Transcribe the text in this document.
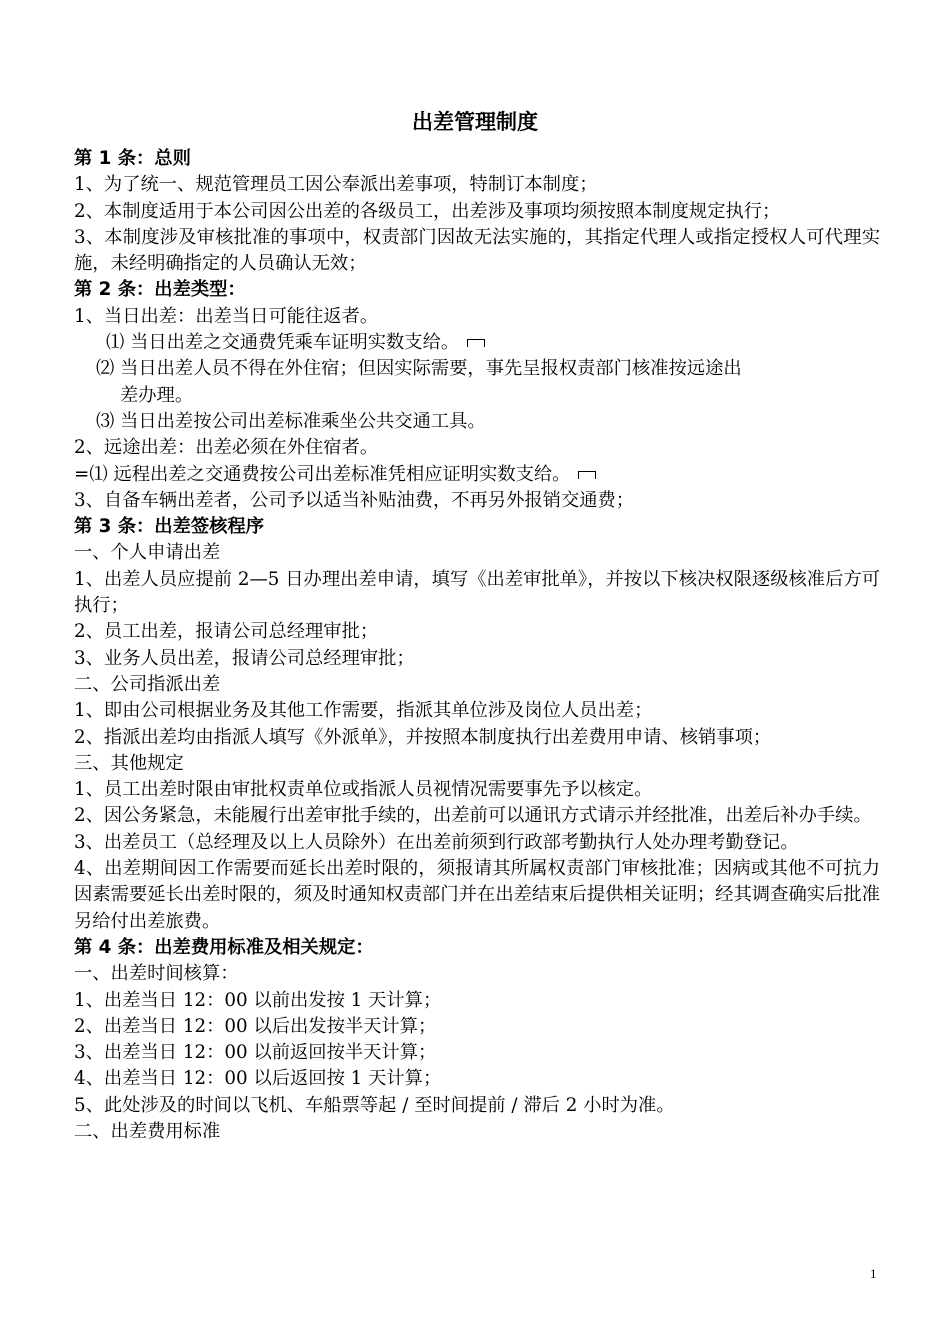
出差管理制度
第 1 条：总则
1、为了统一、规范管理员工因公奉派出差事项，特制订本制度；
2、本制度适用于本公司因公出差的各级员工，出差涉及事项均须按照本制度规定执行；
3、本制度涉及审核批准的事项中，权责部门因故无法实施的，其指定代理人或指定授权人可代理实施，未经明确指定的人员确认无效；
第 2 条：出差类型：
1、当日出差：出差当日可能往返者。
⑴ 当日出差之交通费凭乘车证明实数支给。
⑵ 当日出差人员不得在外住宿；但因实际需要，事先呈报权责部门核准按远途出
差办理。
⑶ 当日出差按公司出差标准乘坐公共交通工具。
2、远途出差：出差必须在外住宿者。
=⑴ 远程出差之交通费按公司出差标准凭相应证明实数支给。
3、自备车辆出差者，公司予以适当补贴油费，不再另外报销交通费；
第 3 条：出差签核程序
一、个人申请出差
1、出差人员应提前 2—5 日办理出差申请，填写《出差审批单》，并按以下核决权限逐级核准后方可执行；
2、员工出差，报请公司总经理审批；
3、业务人员出差，报请公司总经理审批；
二、公司指派出差
1、即由公司根据业务及其他工作需要，指派其单位涉及岗位人员出差；
2、指派出差均由指派人填写《外派单》，并按照本制度执行出差费用申请、核销事项；
三、其他规定
1、员工出差时限由审批权责单位或指派人员视情况需要事先予以核定。
2、因公务紧急，未能履行出差审批手续的，出差前可以通讯方式请示并经批准，出差后补办手续。
3、出差员工（总经理及以上人员除外）在出差前须到行政部考勤执行人处办理考勤登记。
4、出差期间因工作需要而延长出差时限的，须报请其所属权责部门审核批准；因病或其他不可抗力因素需要延长出差时限的，须及时通知权责部门并在出差结束后提供相关证明；经其调查确实后批准另给付出差旅费。
第 4 条：出差费用标准及相关规定：
一、出差时间核算：
1、出差当日 12：00 以前出发按 1 天计算；
2、出差当日 12：00 以后出发按半天计算；
3、出差当日 12：00 以前返回按半天计算；
4、出差当日 12：00 以后返回按 1 天计算；
5、此处涉及的时间以飞机、车船票等起 / 至时间提前 / 滞后 2 小时为准。
二、出差费用标准
1
